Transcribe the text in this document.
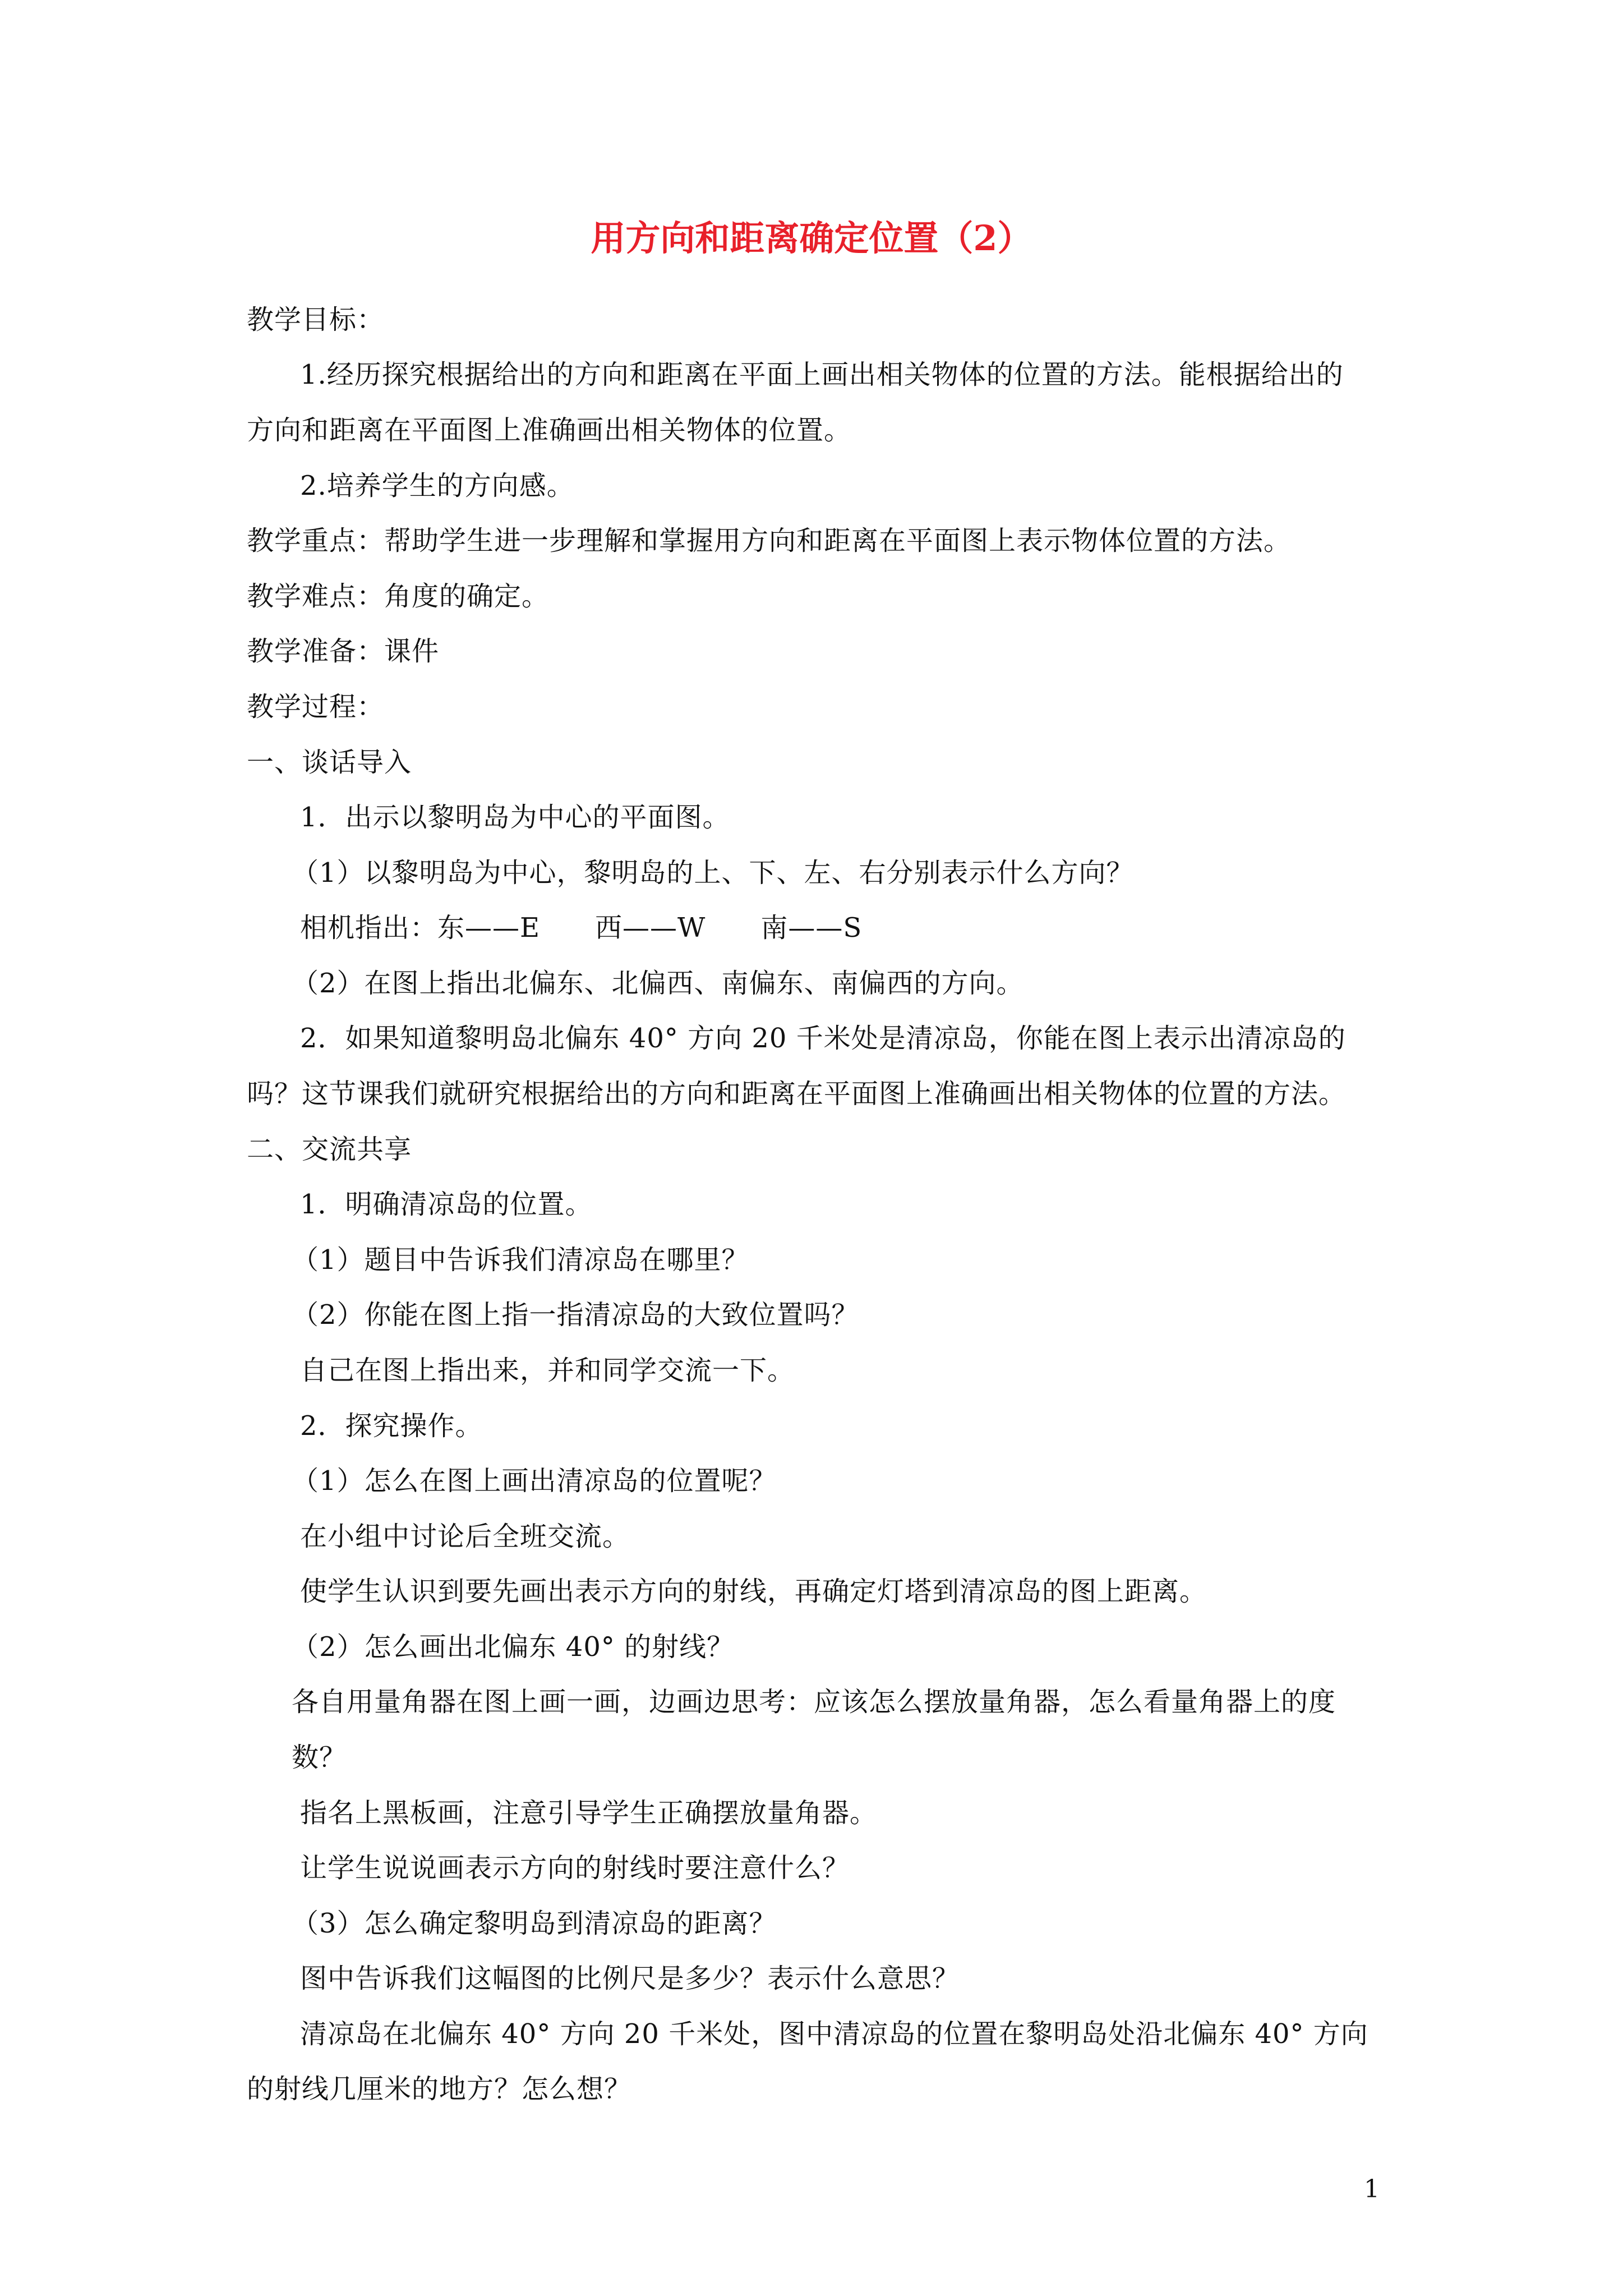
用方向和距离确定位置（2）
教学目标：
1.经历探究根据给出的方向和距离在平面上画出相关物体的位置的方法。能根据给出的
方向和距离在平面图上准确画出相关物体的位置。
2.培养学生的方向感。
教学重点：帮助学生进一步理解和掌握用方向和距离在平面图上表示物体位置的方法。
教学难点：角度的确定。
教学准备：课件
教学过程：
一、谈话导入
1．出示以黎明岛为中心的平面图。
（1）以黎明岛为中心，黎明岛的上、下、左、右分别表示什么方向？
相机指出：东——E　　西——W　　南——S
（2）在图上指出北偏东、北偏西、南偏东、南偏西的方向。
2．如果知道黎明岛北偏东 40° 方向 20 千米处是清凉岛，你能在图上表示出清凉岛的
吗？这节课我们就研究根据给出的方向和距离在平面图上准确画出相关物体的位置的方法。
二、交流共享
1．明确清凉岛的位置。
（1）题目中告诉我们清凉岛在哪里？
（2）你能在图上指一指清凉岛的大致位置吗？
自己在图上指出来，并和同学交流一下。
2．探究操作。
（1）怎么在图上画出清凉岛的位置呢？
在小组中讨论后全班交流。
使学生认识到要先画出表示方向的射线，再确定灯塔到清凉岛的图上距离。
（2）怎么画出北偏东 40° 的射线？
各自用量角器在图上画一画，边画边思考：应该怎么摆放量角器，怎么看量角器上的度
数？
指名上黑板画，注意引导学生正确摆放量角器。
让学生说说画表示方向的射线时要注意什么？
（3）怎么确定黎明岛到清凉岛的距离？
图中告诉我们这幅图的比例尺是多少？表示什么意思？
清凉岛在北偏东 40° 方向 20 千米处，图中清凉岛的位置在黎明岛处沿北偏东 40° 方向
的射线几厘米的地方？怎么想？
1
